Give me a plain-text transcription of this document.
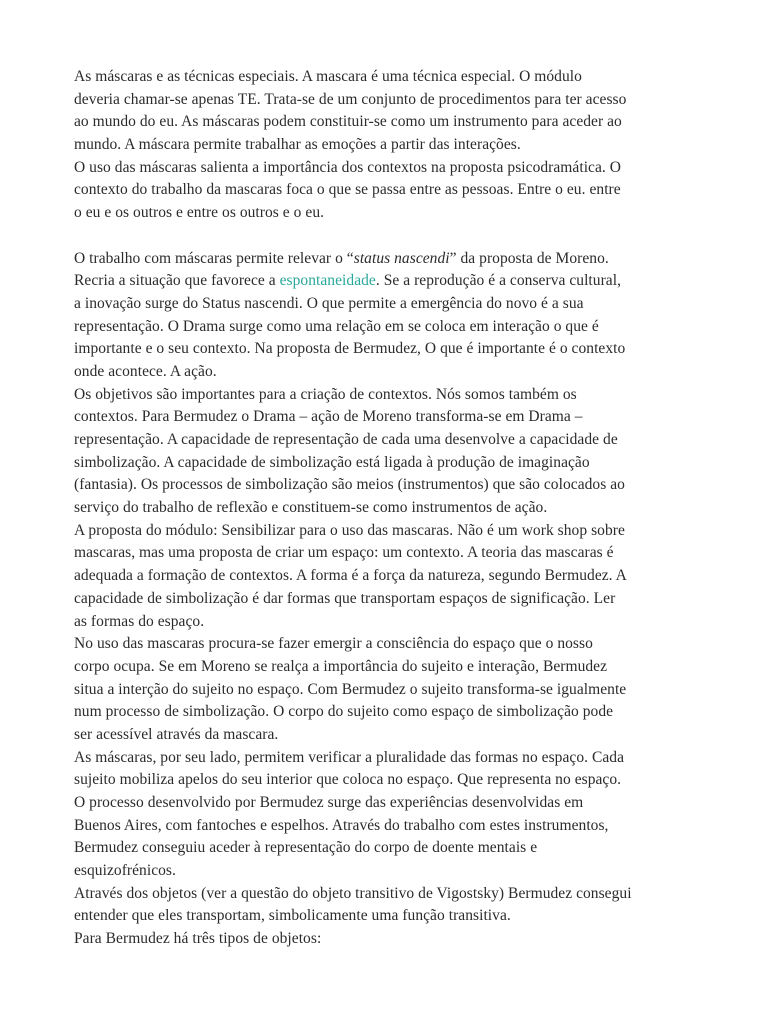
As máscaras e as técnicas especiais. A mascara é uma técnica especial. O módulo
deveria chamar-se apenas TE. Trata-se de um conjunto de procedimentos para ter acesso
ao mundo do eu. As máscaras podem constituir-se como um instrumento para aceder ao
mundo. A máscara permite trabalhar as emoções a partir das interações.
O uso das máscaras salienta a importância dos contextos na proposta psicodramática. O
contexto do trabalho da mascaras foca o que se passa entre as pessoas. Entre o eu. entre
o eu e os outros e entre os outros e o eu.
O trabalho com máscaras permite relevar o “status nascendi” da proposta de Moreno.
Recria a situação que favorece a espontaneidade. Se a reprodução é a conserva cultural,
a inovação surge do Status nascendi. O que permite a emergência do novo é a sua
representação. O Drama surge como uma relação em se coloca em interação o que é
importante e o seu contexto. Na proposta de Bermudez, O que é importante é o contexto
onde acontece. A ação.
Os objetivos são importantes para a criação de contextos. Nós somos também os
contextos. Para Bermudez o Drama – ação de Moreno transforma-se em Drama –
representação. A capacidade de representação de cada uma desenvolve a capacidade de
simbolização. A capacidade de simbolização está ligada à produção de imaginação
(fantasia). Os processos de simbolização são meios (instrumentos) que são colocados ao
serviço do trabalho de reflexão e constituem-se como instrumentos de ação.
A proposta do módulo: Sensibilizar para o uso das mascaras. Não é um work shop sobre
mascaras, mas uma proposta de criar um espaço: um contexto. A teoria das mascaras é
adequada a formação de contextos. A forma é a força da natureza, segundo Bermudez. A
capacidade de simbolização é dar formas que transportam espaços de significação. Ler
as formas do espaço.
No uso das mascaras procura-se fazer emergir a consciência do espaço que o nosso
corpo ocupa. Se em Moreno se realça a importância do sujeito e interação, Bermudez
situa a interção do sujeito no espaço. Com Bermudez o sujeito transforma-se igualmente
num processo de simbolização. O corpo do sujeito como espaço de simbolização pode
ser acessível através da mascara.
As máscaras, por seu lado, permitem verificar a pluralidade das formas no espaço. Cada
sujeito mobiliza apelos do seu interior que coloca no espaço. Que representa no espaço.
O processo desenvolvido por Bermudez surge das experiências desenvolvidas em
Buenos Aires, com fantoches e espelhos. Através do trabalho com estes instrumentos,
Bermudez conseguiu aceder à representação do corpo de doente mentais e
esquizofrénicos.
Através dos objetos (ver a questão do objeto transitivo de Vigostsky) Bermudez consegui
entender que eles transportam, simbolicamente uma função transitiva.
Para Bermudez há três tipos de objetos:
